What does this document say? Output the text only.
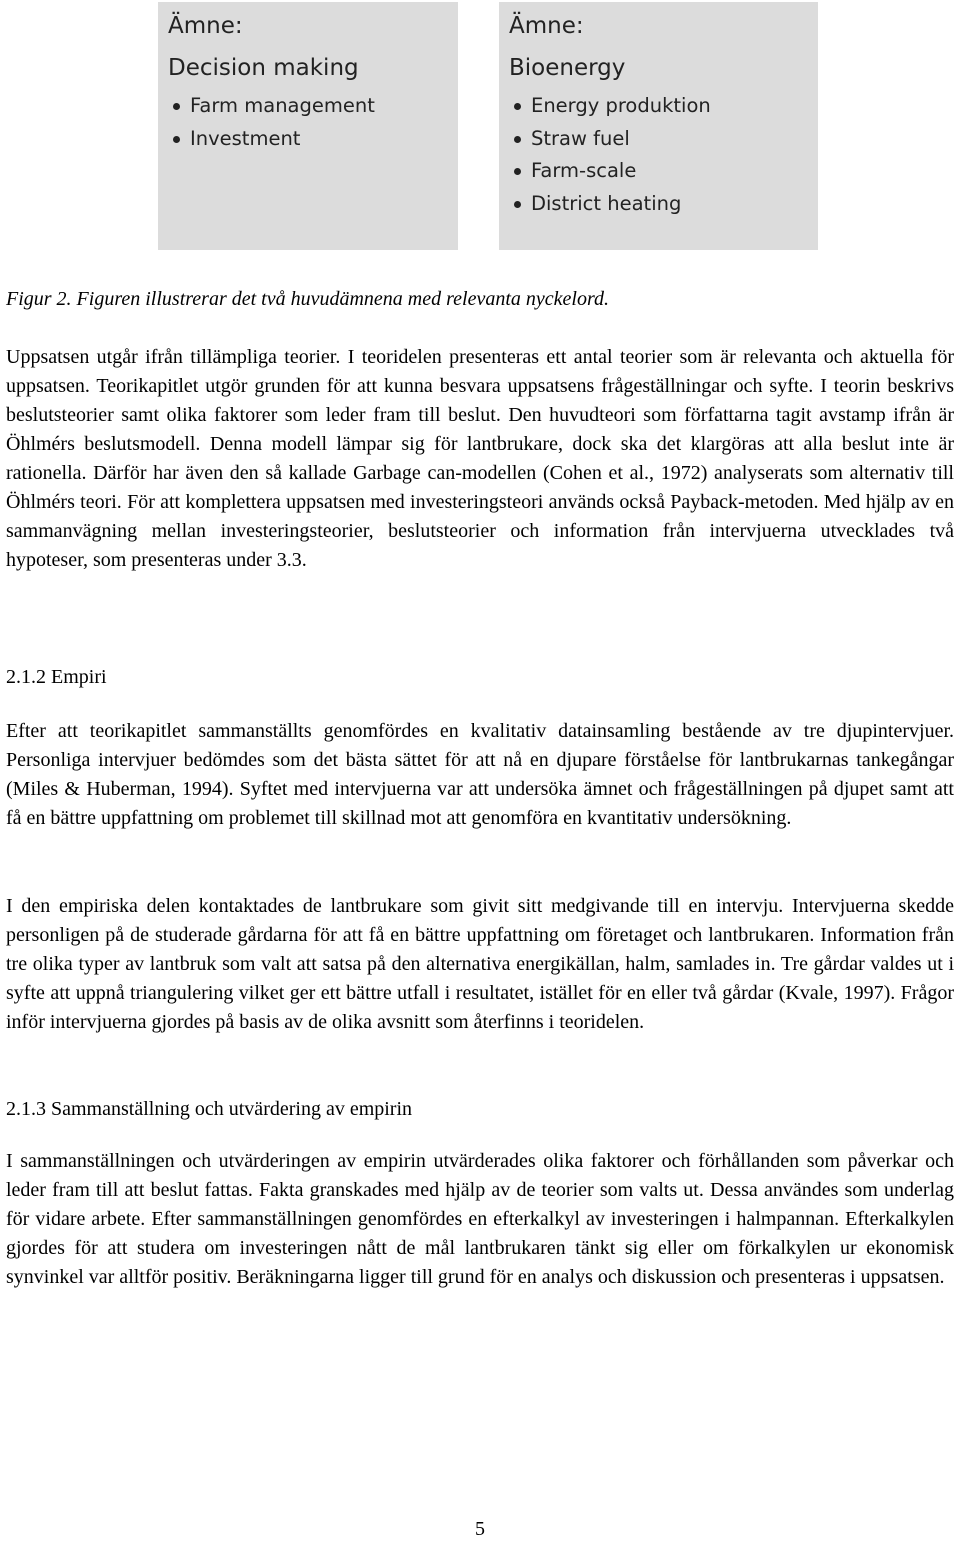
Ämne:

Decision making

Farm management
Investment

Ämne:

Bioenergy

Energy produktion
Straw fuel
Farm-scale
District heating

Figur 2. Figuren illustrerar det två huvudämnena med relevanta nyckelord.

Uppsatsen utgår ifrån tillämpliga teorier. I teoridelen presenteras ett antal teorier som är relevanta och aktuella för uppsatsen. Teorikapitlet utgör grunden för att kunna besvara uppsatsens frågeställningar och syfte. I teorin beskrivs beslutsteorier samt olika faktorer som leder fram till beslut. Den huvudteori som författarna tagit avstamp ifrån är Öhlmérs beslutsmodell. Denna modell lämpar sig för lantbrukare, dock ska det klargöras att alla beslut inte är rationella. Därför har även den så kallade Garbage can-modellen (Cohen et al., 1972) analyserats som alternativ till Öhlmérs teori. För att komplettera uppsatsen med investeringsteori används också Payback-metoden. Med hjälp av en sammanvägning mellan investeringsteorier, beslutsteorier och information från intervjuerna utvecklades två hypoteser, som presenteras under 3.3.

2.1.2 Empiri

Efter att teorikapitlet sammanställts genomfördes en kvalitativ datainsamling bestående av tre djupintervjuer. Personliga intervjuer bedömdes som det bästa sättet för att nå en djupare förståelse för lantbrukarnas tankegångar (Miles & Huberman, 1994). Syftet med intervjuerna var att undersöka ämnet och frågeställningen på djupet samt att få en bättre uppfattning om problemet till skillnad mot att genomföra en kvantitativ undersökning.

I den empiriska delen kontaktades de lantbrukare som givit sitt medgivande till en intervju. Intervjuerna skedde personligen på de studerade gårdarna för att få en bättre uppfattning om företaget och lantbrukaren. Information från tre olika typer av lantbruk som valt att satsa på den alternativa energikällan, halm, samlades in. Tre gårdar valdes ut i syfte att uppnå triangulering vilket ger ett bättre utfall i resultatet, istället för en eller två gårdar (Kvale, 1997). Frågor inför intervjuerna gjordes på basis av de olika avsnitt som återfinns i teoridelen.

2.1.3 Sammanställning och utvärdering av empirin

I sammanställningen och utvärderingen av empirin utvärderades olika faktorer och förhållanden som påverkar och leder fram till att beslut fattas. Fakta granskades med hjälp av de teorier som valts ut. Dessa användes som underlag för vidare arbete. Efter sammanställningen genomfördes en efterkalkyl av investeringen i halmpannan. Efterkalkylen gjordes för att studera om investeringen nått de mål lantbrukaren tänkt sig eller om förkalkylen ur ekonomisk synvinkel var alltför positiv. Beräkningarna ligger till grund för en analys och diskussion och presenteras i uppsatsen.

5
